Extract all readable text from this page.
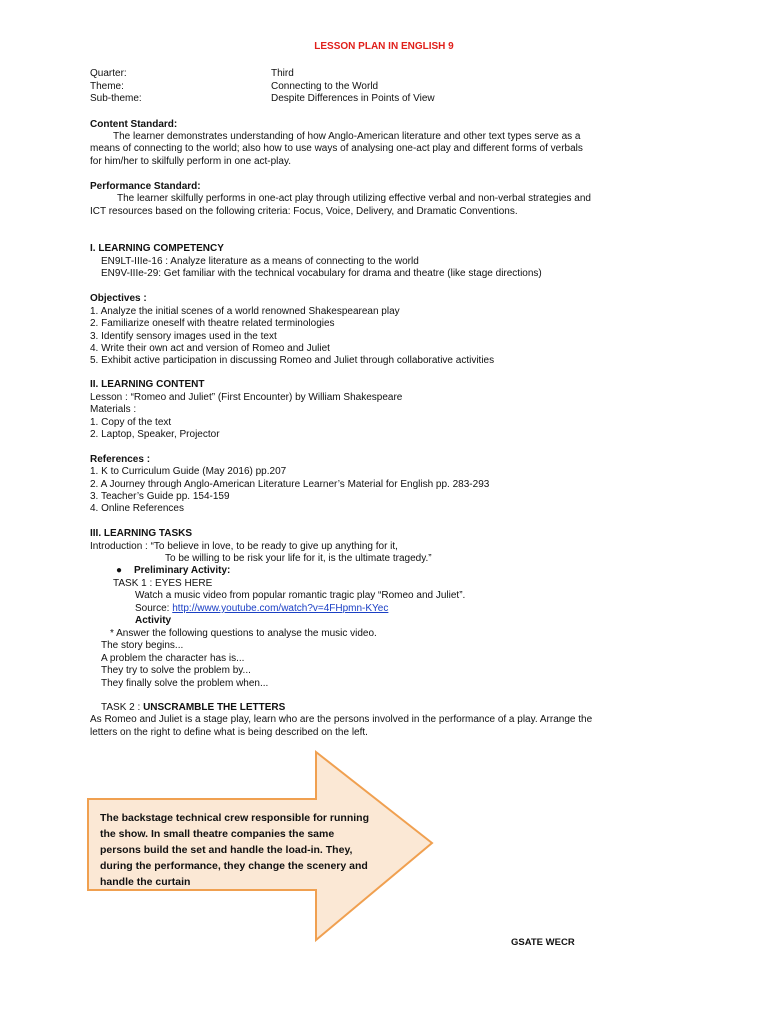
LESSON PLAN IN ENGLISH 9
Quarter:	Third
Theme:	Connecting to the World
Sub-theme:	Despite Differences in Points of View
Content Standard:
The learner demonstrates understanding of how Anglo-American literature and other text types serve as a
means of connecting to the world; also how to use ways of analysing one-act play and different forms of verbals
for him/her to skilfully perform in one act-play.
Performance Standard:
The learner skilfully performs in one-act play through utilizing effective verbal and non-verbal strategies and
ICT resources based on the following criteria: Focus, Voice, Delivery, and Dramatic Conventions.
I. LEARNING COMPETENCY
EN9LT-IIIe-16 : Analyze literature as a means of connecting to the world
EN9V-IIIe-29: Get familiar with the technical vocabulary for drama and theatre (like stage directions)
Objectives :
1. Analyze the initial scenes of a world renowned Shakespearean play
2. Familiarize oneself with theatre related terminologies
3. Identify sensory images used in the text
4. Write their own act and version of Romeo and Juliet
5. Exhibit active participation in discussing Romeo and Juliet through collaborative activities
II. LEARNING CONTENT
Lesson : “Romeo and Juliet” (First Encounter) by William Shakespeare
Materials :
1. Copy of the text
2. Laptop, Speaker, Projector
References :
1. K to Curriculum Guide (May 2016) pp.207
2. A Journey through Anglo-American Literature Learner’s Material for English pp. 283-293
3. Teacher’s Guide pp. 154-159
4. Online References
III. LEARNING TASKS
Introduction : “To believe in love, to be ready to give up anything for it,
To be willing to be risk your life for it, is the ultimate tragedy.”
● Preliminary Activity:
TASK 1 : EYES HERE
Watch a music video from popular romantic tragic play “Romeo and Juliet”.
Source: http://www.youtube.com/watch?v=4FHpmn-KYec
Activity
* Answer the following questions to analyse the music video.
The story begins...
A problem the character has is...
They try to solve the problem by...
They finally solve the problem when...
TASK 2 : UNSCRAMBLE THE LETTERS
As Romeo and Juliet is a stage play, learn who are the persons involved in the performance of a play. Arrange the
letters on the right to define what is being described on the left.
The backstage technical crew responsible for running the show. In small theatre companies the same persons build the set and handle the load-in. They, during the performance, they change the scenery and handle the curtain
GSATE WECR
